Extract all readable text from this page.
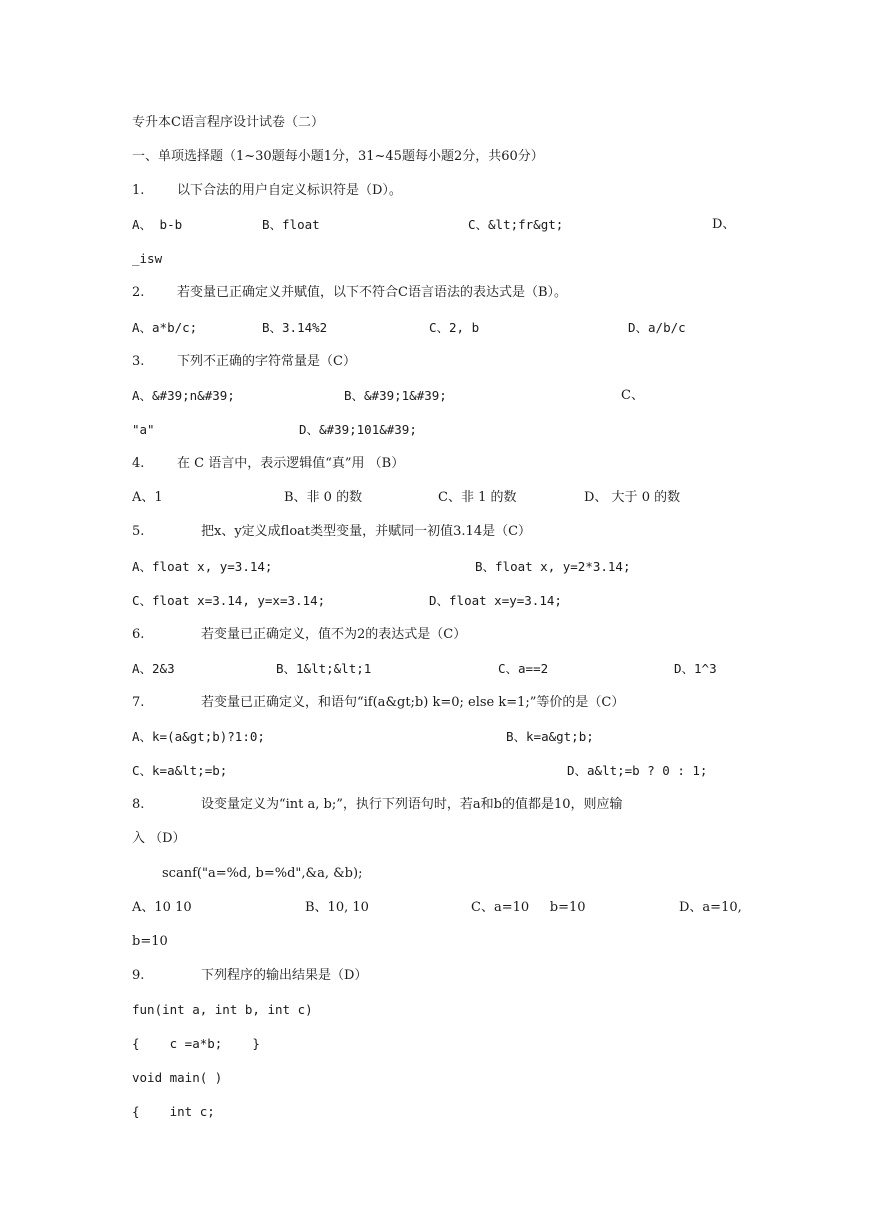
专升本C语言程序设计试卷（二）
一、单项选择题（1~30题每小题1分，31~45题每小题2分，共60分）
1.	以下合法的用户自定义标识符是（D）。
A、 b-b	B、float	C、&lt;fr&gt;	D、
_isw
2.	若变量已正确定义并赋值，以下不符合C语言语法的表达式是（B）。
A、a*b/c;	B、3.14%2	C、2, b	D、a/b/c
3.	下列不正确的字符常量是（C）
A、&#39;n&#39;	B、&#39;1&#39;	C、
"a"	D、&#39;101&#39;
4.	在 C 语言中，表示逻辑值“真”用 （B）
A、1	B、非 0 的数	C、非 1 的数	D、 大于 0 的数
5.	把x、y定义成float类型变量，并赋同一初值3.14是（C）
A、float x, y=3.14;	B、float x, y=2*3.14;
C、float x=3.14, y=x=3.14;	D、float x=y=3.14;
6.	若变量已正确定义，值不为2的表达式是（C）
A、2&3	B、1&lt;&lt;1	C、a==2	D、1^3
7.	若变量已正确定义，和语句“if(a&gt;b) k=0; else k=1;”等价的是（C）
A、k=(a&gt;b)?1:0;	B、k=a&gt;b;
C、k=a&lt;=b;	D、a&lt;=b ? 0 : 1;
8.	设变量定义为“int a, b;”，执行下列语句时，若a和b的值都是10，则应输
入 （D）
scanf("a=%d, b=%d",&a, &b);
A、10 10	B、10, 10	C、a=10     b=10	D、a=10,
b=10
9.	下列程序的输出结果是（D）
fun(int a, int b, int c)
{    c =a*b;    }
void main( )
{    int c;
